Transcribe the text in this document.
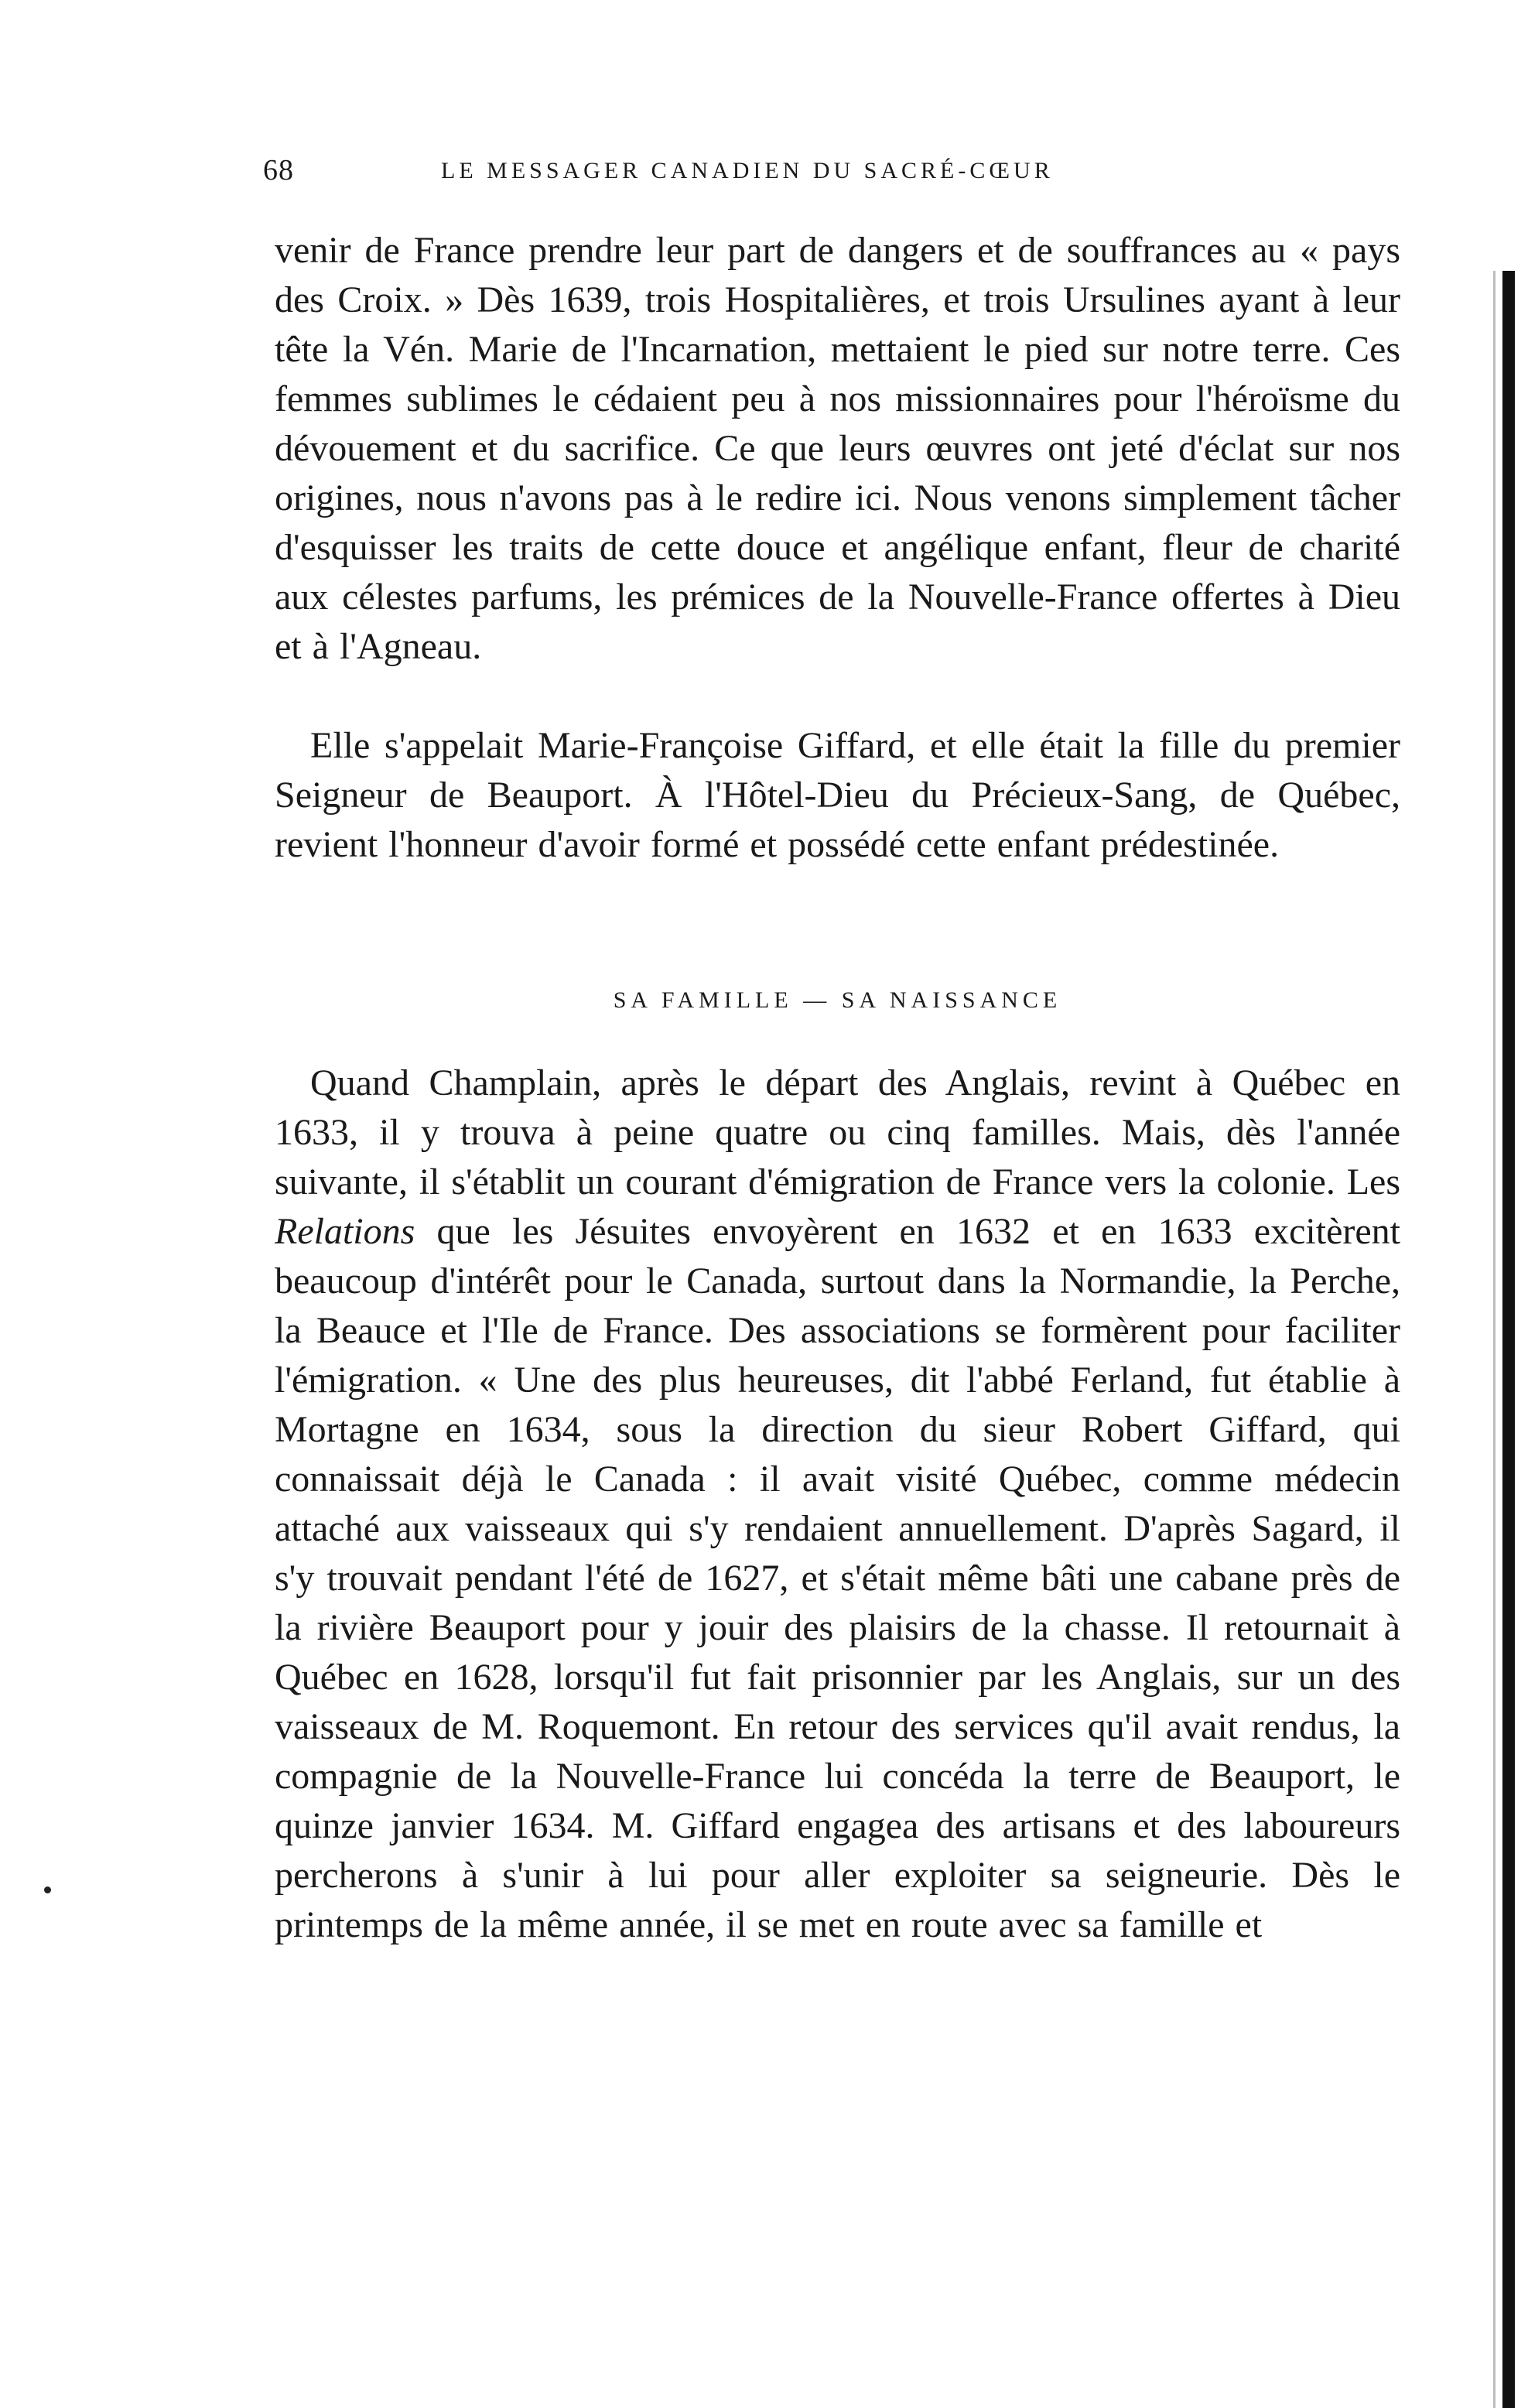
68	LE MESSAGER CANADIEN DU SACRÉ-CŒUR

venir de France prendre leur part de dangers et de souffrances au « pays des Croix. » Dès 1639, trois Hospitalières, et trois Ursulines ayant à leur tête la Vén. Marie de l'Incarnation, mettaient le pied sur notre terre. Ces femmes sublimes le cédaient peu à nos missionnaires pour l'héroïsme du dévouement et du sacrifice. Ce que leurs œuvres ont jeté d'éclat sur nos origines, nous n'avons pas à le redire ici. Nous venons simplement tâcher d'esquisser les traits de cette douce et angélique enfant, fleur de charité aux célestes parfums, les prémices de la Nouvelle-France offertes à Dieu et à l'Agneau.

Elle s'appelait Marie-Françoise Giffard, et elle était la fille du premier Seigneur de Beauport. À l'Hôtel-Dieu du Précieux-Sang, de Québec, revient l'honneur d'avoir formé et possédé cette enfant prédestinée.

SA FAMILLE — SA NAISSANCE

Quand Champlain, après le départ des Anglais, revint à Québec en 1633, il y trouva à peine quatre ou cinq familles. Mais, dès l'année suivante, il s'établit un courant d'émigration de France vers la colonie. Les Relations que les Jésuites envoyèrent en 1632 et en 1633 excitèrent beaucoup d'intérêt pour le Canada, surtout dans la Normandie, la Perche, la Beauce et l'Ile de France. Des associations se formèrent pour faciliter l'émigration. « Une des plus heureuses, dit l'abbé Ferland, fut établie à Mortagne en 1634, sous la direction du sieur Robert Giffard, qui connaissait déjà le Canada : il avait visité Québec, comme médecin attaché aux vaisseaux qui s'y rendaient annuellement. D'après Sagard, il s'y trouvait pendant l'été de 1627, et s'était même bâti une cabane près de la rivière Beauport pour y jouir des plaisirs de la chasse. Il retournait à Québec en 1628, lorsqu'il fut fait prisonnier par les Anglais, sur un des vaisseaux de M. Roquemont. En retour des services qu'il avait rendus, la compagnie de la Nouvelle-France lui concéda la terre de Beauport, le quinze janvier 1634. M. Giffard engagea des artisans et des laboureurs percherons à s'unir à lui pour aller exploiter sa seigneurie. Dès le printemps de la même année, il se met en route avec sa famille et
